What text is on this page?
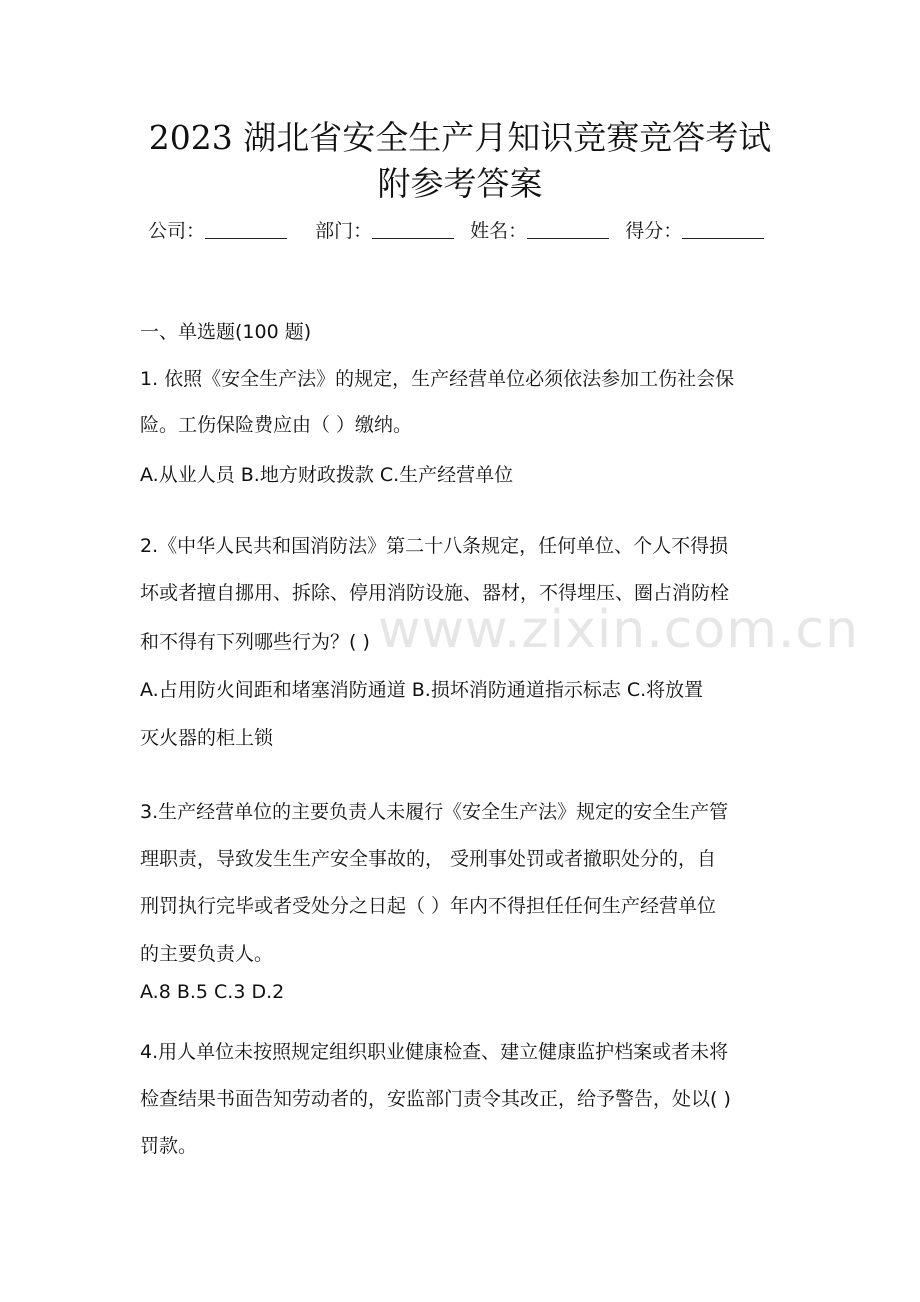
2023 湖北省安全生产月知识竞赛竞答考试
附参考答案
公司：	部门：	姓名：	得分：
一、单选题(100 题)
1. 依照《安全生产法》的规定，生产经营单位必须依法参加工伤社会保
险。工伤保险费应由（ ）缴纳。
A.从业人员 B.地方财政拨款 C.生产经营单位
2.《中华人民共和国消防法》第二十八条规定，任何单位、个人不得损
坏或者擅自挪用、拆除、停用消防设施、器材，不得埋压、圈占消防栓
和不得有下列哪些行为？( )
A.占用防火间距和堵塞消防通道 B.损坏消防通道指示标志 C.将放置
灭火器的柜上锁
3.生产经营单位的主要负责人未履行《安全生产法》规定的安全生产管
理职责，导致发生生产安全事故的， 受刑事处罚或者撤职处分的，自
刑罚执行完毕或者受处分之日起（ ）年内不得担任任何生产经营单位
的主要负责人。
A.8 B.5 C.3 D.2
4.用人单位未按照规定组织职业健康检查、建立健康监护档案或者未将
检查结果书面告知劳动者的，安监部门责令其改正，给予警告，处以( )
罚款。
www.zixin.com.cn
